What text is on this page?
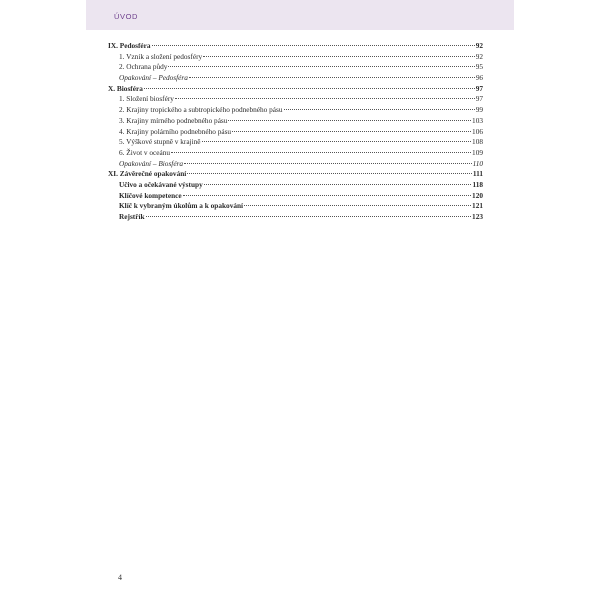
ÚVOD
IX. Pedosféra	92
1. Vznik a složení pedosféry	92
2. Ochrana půdy	95
Opakování – Pedosféra	96
X. Biosféra	97
1. Složení biosféry	97
2. Krajiny tropického a subtropického podnebného pásu	99
3. Krajiny mírného podnebného pásu	103
4. Krajiny polárního podnebného pásu	106
5. Výškové stupně v krajině	108
6. Život v oceánu	109
Opakování – Biosféra	110
XI. Závěrečné opakování	111
Učivo a očekávané výstupy	118
Klíčové kompetence	120
Klíč k vybraným úkolům a k opakování	121
Rejstřík	123
4
